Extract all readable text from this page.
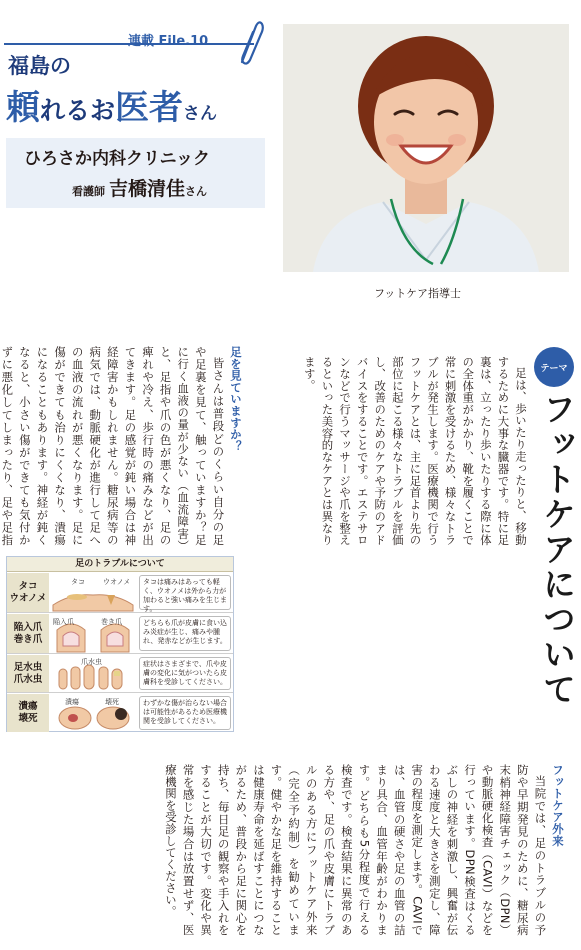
連載 File.10
福島の
頼れるお医者さん
ひろさか内科クリニック
看護師 吉橋清佳さん
フットケア指導士
テーマ
フットケアについて

足は、歩いたり走ったりと、移動するために大事な臓器です。特に足裏は、立ったり歩いたりする際に体の全体重がかかり、靴を履くことで常に刺激を受けるため、様々なトラブルが発生します。医療機関で行うフットケアとは、主に足首より先の部位に起こる様々なトラブルを評価し、改善のためのケアや予防のアドバイスをすることです。エステサロンなどで行うマッサージや爪を整えるといった美容的なケアとは異なります。

足を見ていますか？

皆さんは普段どのくらい自分の足や足裏を見て、触っていますか？足に行く血液の量が少ない（血流障害）と、足指や爪の色が悪くなり、足の痺れや冷え、歩行時の痛みなどが出てきます。足の感覚が鈍い場合は神経障害かもしれません。糖尿病等の病気では、動脈硬化が進行して足への血液の流れが悪くなります。足に傷ができても治りにくくなり、潰瘍になることもあります。神経が鈍くなると、小さい傷ができても気付かずに悪化してしまったり、足や足指

フットケア外来

当院では、足のトラブルの予防や早期発見のために、糖尿病末梢神経障害チェック（DPN）や動脈硬化検査（CAVI）などを行っています。DPN検査はくるぶしの神経を刺激し、興奮が伝わる速度と大きさを測定し、障害の程度を測定します。CAVIでは、血管の硬さや足の血管の詰まり具合、血管年齢がわかります。どちらも5分程度で行える検査です。検査結果に異常のある方や、足の爪や皮膚にトラブルのある方にフットケア外来（完全予約制）を勧めています。健やかな足を維持することは健康寿命を延ばすことにつながるため、普段から足に関心を持ち、毎日足の観察や手入れをすることが大切です。変化や異常を感じた場合は放置せず、医療機関を受診してください。

足のトラブルについて
タコ
ウオノメ
タコ	ウオノメ	タコは痛みはあっても軽く、ウオノメは外から力が加わると強い痛みを生じます。
陥入爪
巻き爪
陥入爪	巻き爪	どちらも爪が皮膚に食い込み炎症が生じ、痛みや腫れ、発赤などが生じます。
足水虫
爪水虫
爪水虫	症状はさまざまで、爪や皮膚の変化に気がついたら皮膚科を受診してください。
潰瘍
壊死
潰瘍	壊死	わずかな傷が治らない場合は可能性があるため医療機関を受診してください。
